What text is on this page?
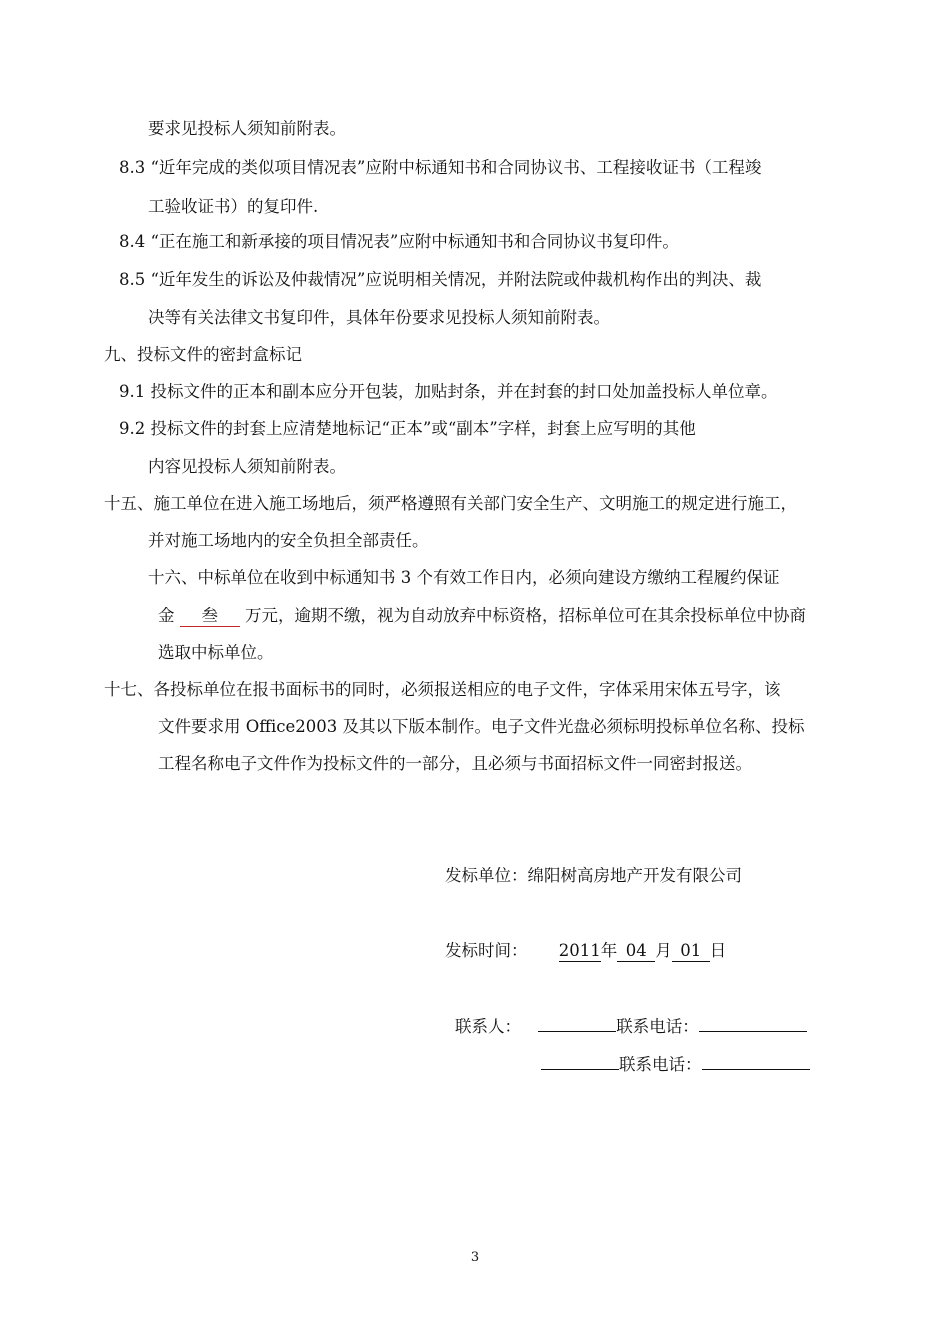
要求见投标人须知前附表。
8.3 “近年完成的类似项目情况表”应附中标通知书和合同协议书、工程接收证书（工程竣
工验收证书）的复印件.
8.4 “正在施工和新承接的项目情况表”应附中标通知书和合同协议书复印件。
8.5 “近年发生的诉讼及仲裁情况”应说明相关情况，并附法院或仲裁机构作出的判决、裁
决等有关法律文书复印件，具体年份要求见投标人须知前附表。
九、投标文件的密封盒标记
9.1 投标文件的正本和副本应分开包装，加贴封条，并在封套的封口处加盖投标人单位章。
9.2 投标文件的封套上应清楚地标记“正本”或“副本”字样，封套上应写明的其他
内容见投标人须知前附表。
十五、施工单位在进入施工场地后，须严格遵照有关部门安全生产、文明施工的规定进行施工，
并对施工场地内的安全负担全部责任。
十六、中标单位在收到中标通知书 3 个有效工作日内，必须向建设方缴纳工程履约保证
金 叁 万元，逾期不缴，视为自动放弃中标资格，招标单位可在其余投标单位中协商
选取中标单位。
十七、各投标单位在报书面标书的同时，必须报送相应的电子文件，字体采用宋体五号字，该
文件要求用 Office2003 及其以下版本制作。电子文件光盘必须标明投标单位名称、投标
工程名称电子文件作为投标文件的一部分，且必须与书面招标文件一同密封报送。
发标单位：绵阳树高房地产开发有限公司
发标时间： 2011年 04 月 01 日
联系人：	联系电话：
联系电话：
3
